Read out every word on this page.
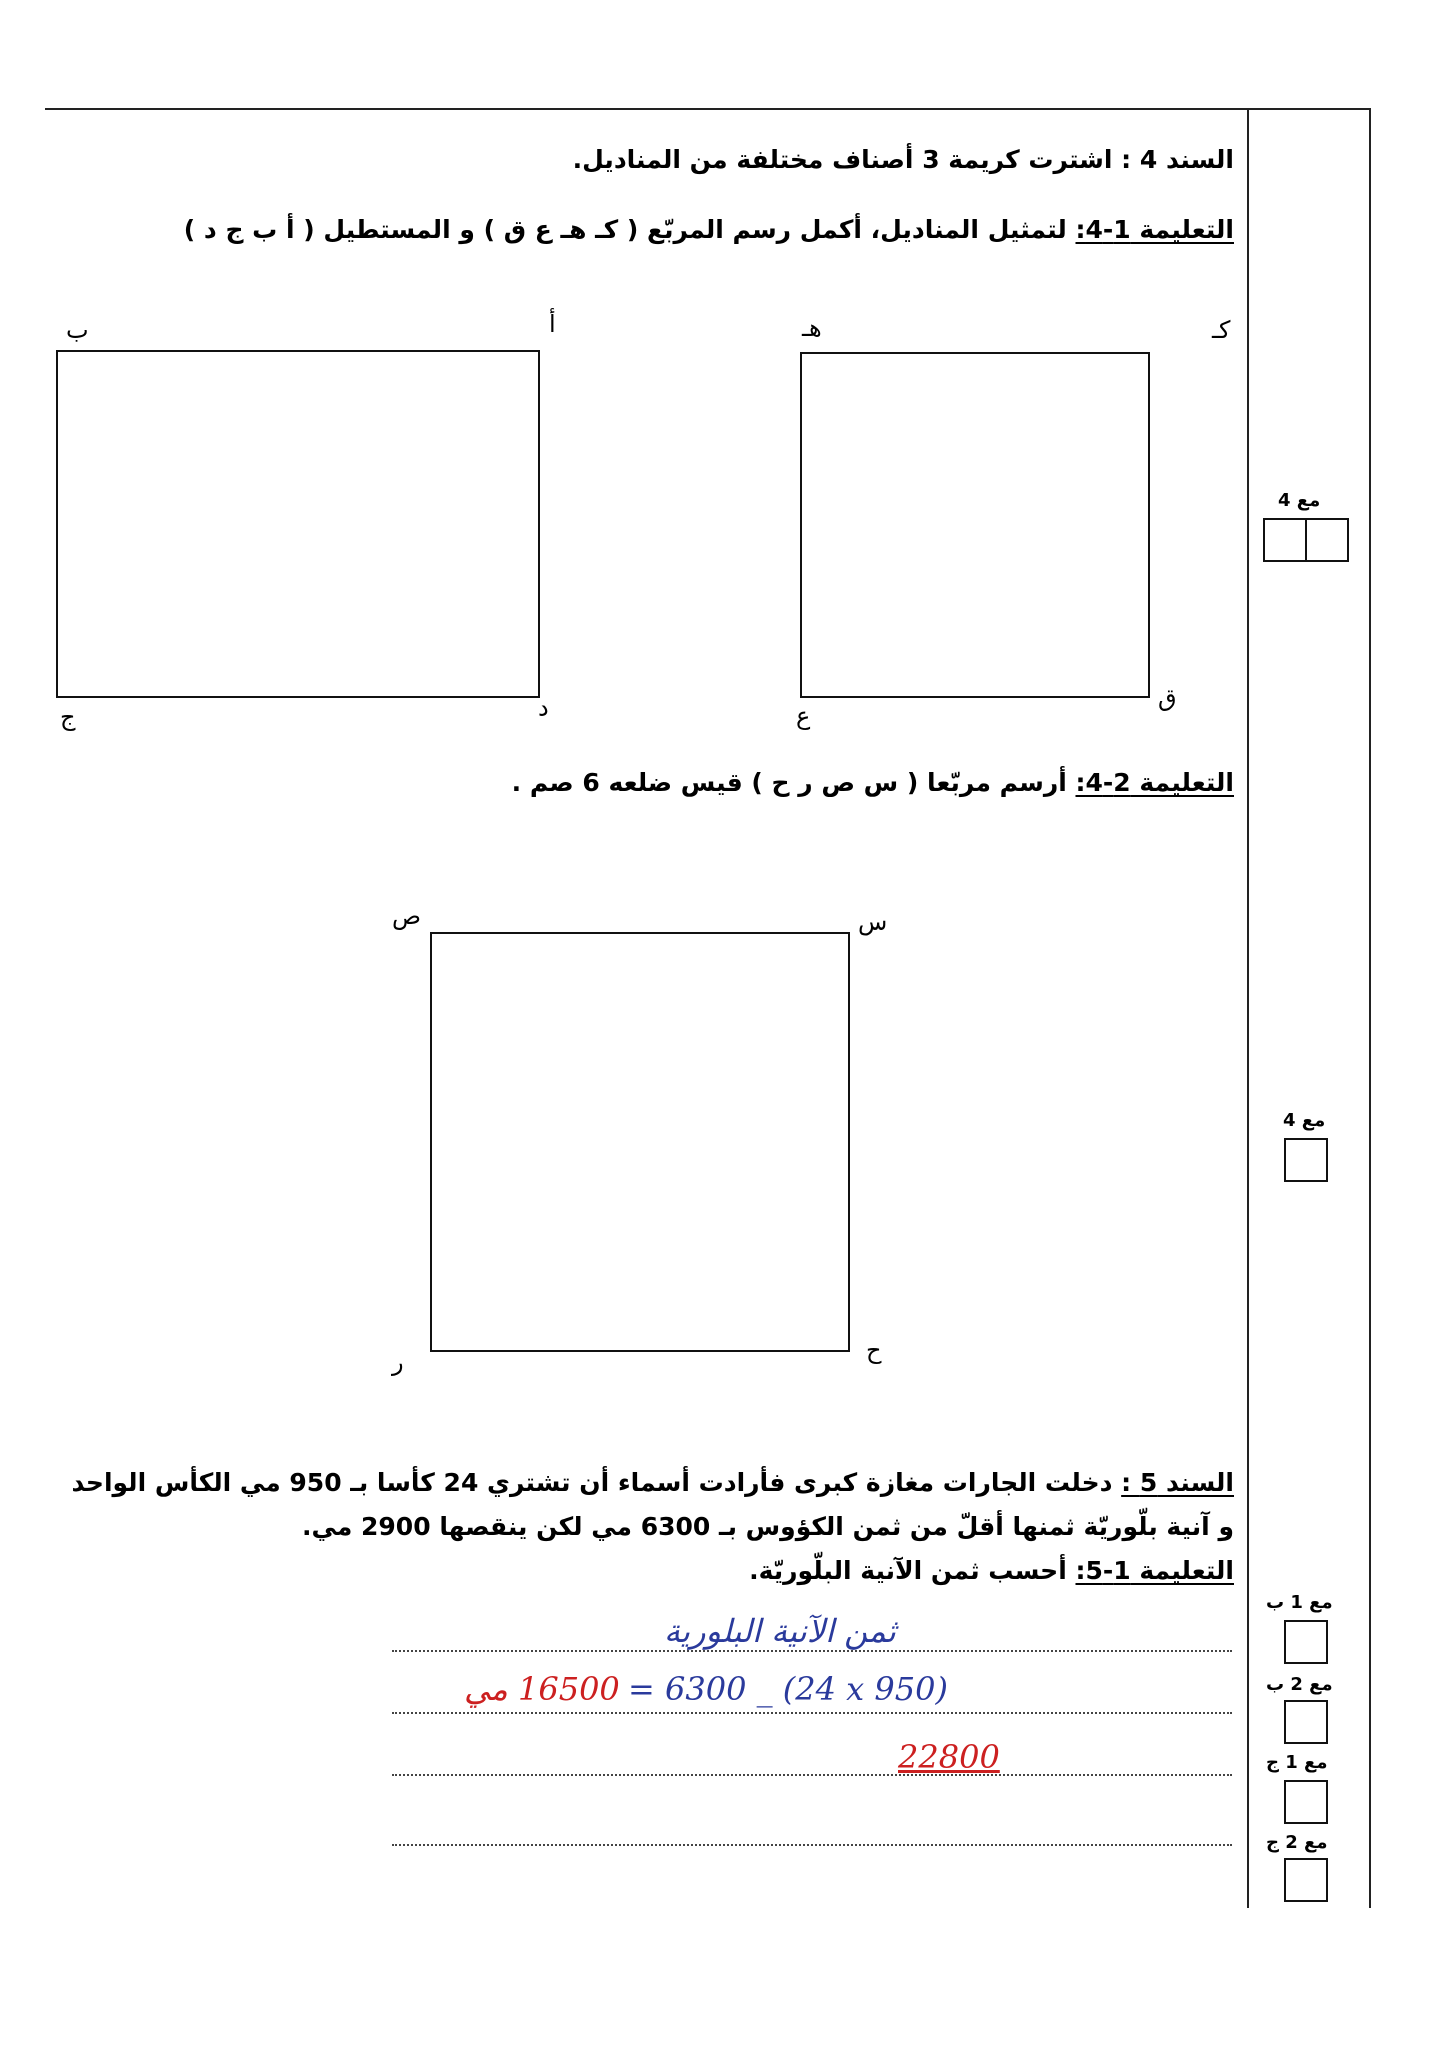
السند 4 : اشترت كريمة 3 أصناف مختلفة من المناديل.
التعليمة 1-4: لتمثيل المناديل، أكمل رسم المربّع ( كـ هـ ع ق ) و المستطيل ( أ ب ج د )
ب	أ
ج	د
كـ
هـ
ع
ق
مع 4
التعليمة 2-4: أرسم مربّعا ( س ص ر ح ) قيس ضلعه 6 صم .
ص	س
ر	ح
مع 4
السند 5 : دخلت الجارات مغازة كبرى فأرادت أسماء أن تشتري 24 كأسا بـ 950 مي الكأس الواحد
و آنية بلّوريّة ثمنها أقلّ من ثمن الكؤوس بـ 6300 مي لكن ينقصها 2900 مي.
التعليمة 1-5: أحسب ثمن الآنية البلّوريّة.
ثمن الآنية البلورية
16500 مي = 6300 _ (24 x 950)
22800
مع 1 ب
مع 2 ب
مع 1 ج
مع 2 ج
